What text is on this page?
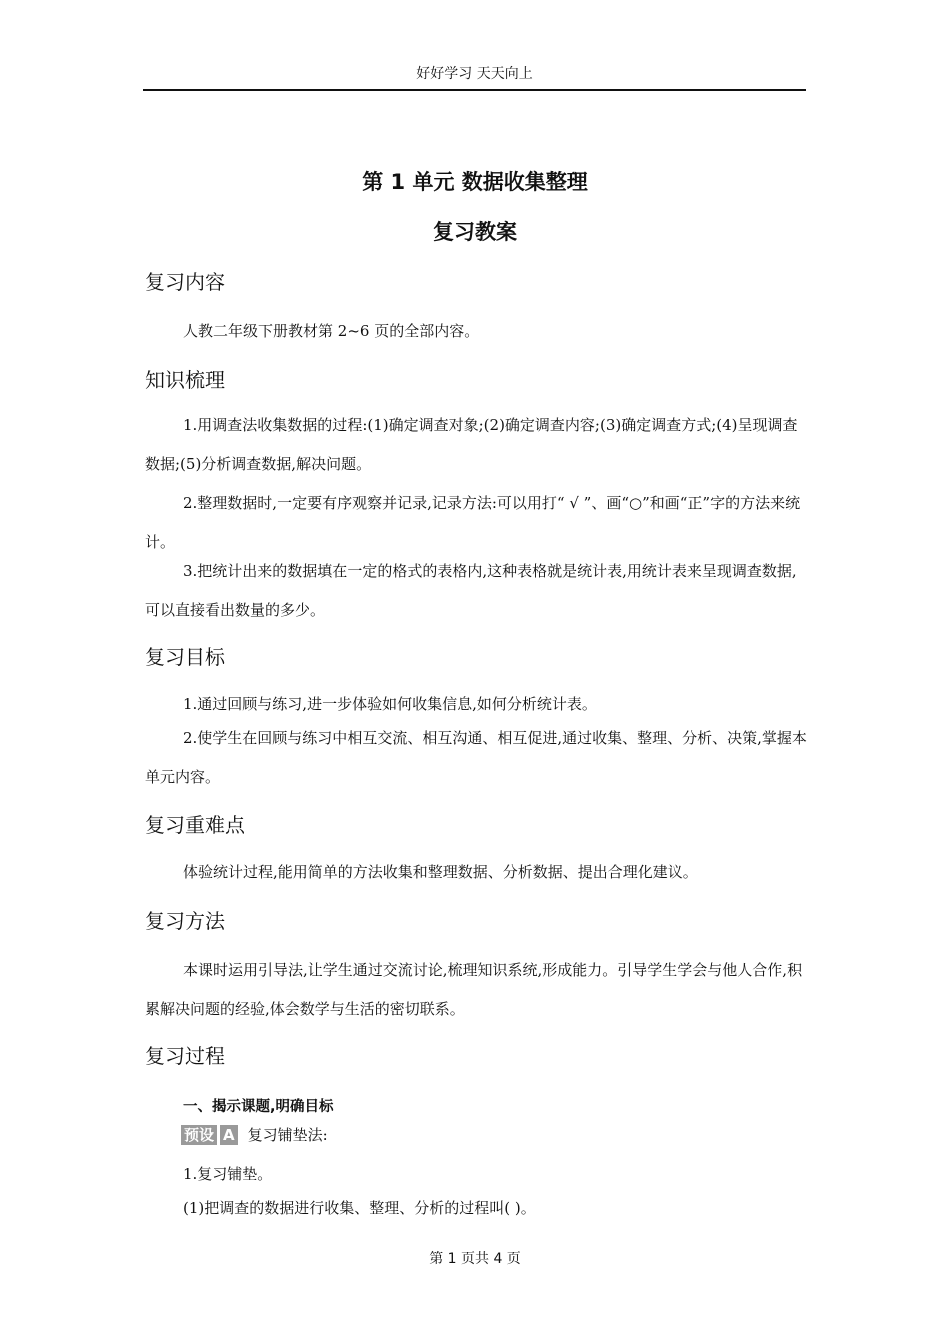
好好学习 天天向上
第 1 单元 数据收集整理
复习教案
复习内容
人教二年级下册教材第 2~6 页的全部内容。
知识梳理
1.用调查法收集数据的过程:(1)确定调查对象;(2)确定调查内容;(3)确定调查方式;(4)呈现调查数据;(5)分析调查数据,解决问题。
2.整理数据时,一定要有序观察并记录,记录方法:可以用打“ √ ”、画“○”和画“正”字的方法来统计。
3.把统计出来的数据填在一定的格式的表格内,这种表格就是统计表,用统计表来呈现调查数据,可以直接看出数量的多少。
复习目标
1.通过回顾与练习,进一步体验如何收集信息,如何分析统计表。
2.使学生在回顾与练习中相互交流、相互沟通、相互促进,通过收集、整理、分析、决策,掌握本单元内容。
复习重难点
体验统计过程,能用简单的方法收集和整理数据、分析数据、提出合理化建议。
复习方法
本课时运用引导法,让学生通过交流讨论,梳理知识系统,形成能力。引导学生学会与他人合作,积累解决问题的经验,体会数学与生活的密切联系。
复习过程
一、揭示课题,明确目标
预设 A 复习铺垫法:
1.复习铺垫。
(1)把调查的数据进行收集、整理、分析的过程叫( )。
第 1 页共 4 页
